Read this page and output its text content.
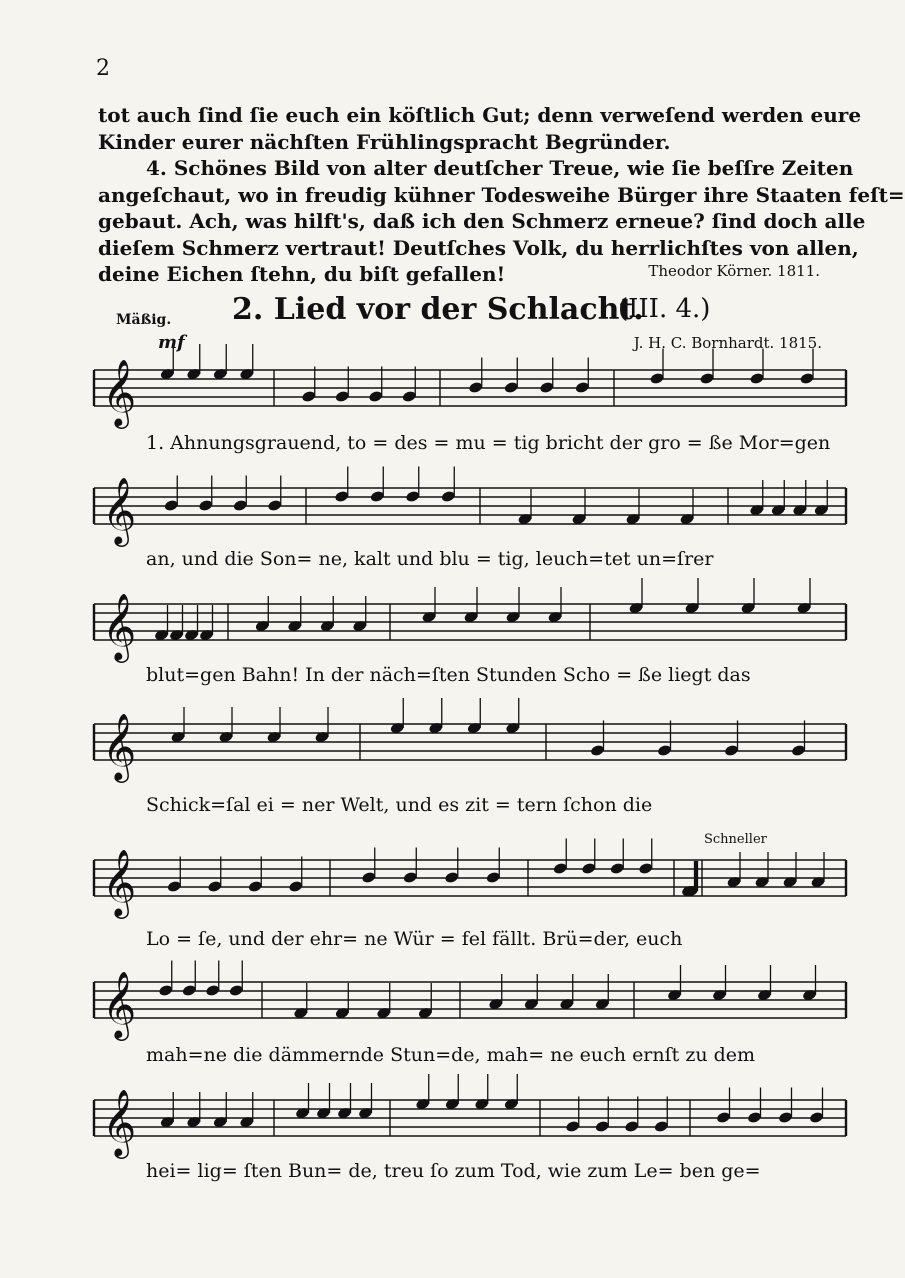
2
tot auch ſind ſie euch ein köſtlich Gut; denn verweſend werden eure
Kinder eurer nächſten Frühlingspracht Begründer.
4. Schönes Bild von alter deutſcher Treue, wie ſie beſſre Zeiten
angeſchaut, wo in freudig kühner Todesweihe Bürger ihre Staaten feſt=
gebaut. Ach, was hilft's, daß ich den Schmerz erneue? ſind doch alle
dieſem Schmerz vertraut! Deutſches Volk, du herrlichſtes von allen,
deine Eichen ſtehn, du biſt gefallen!	Theodor Körner. 1811.
Mäßig.
mf
2. Lied vor der Schlacht.
(III. 4.)
J. H. C. Bornhardt. 1815.
Schneller
𝄞
1. Ahnungsgrauend, to = des = mu = tig bricht der gro = ße Mor=gen
𝄞
an, und die Son= ne, kalt und blu = tig, leuch=tet un=ſrer
𝄞
blut=gen Bahn! In der näch=ſten Stunden Scho = ße liegt das
𝄞
Schick=ſal ei = ner Welt, und es zit = tern ſchon die
𝄞
Lo = ſe, und der ehr= ne Wür = fel fällt. Brü=der, euch
𝄞
mah=ne die dämmernde Stun=de, mah= ne euch ernſt zu dem
𝄞
hei= lig= ſten Bun= de, treu ſo zum Tod, wie zum Le= ben ge=
